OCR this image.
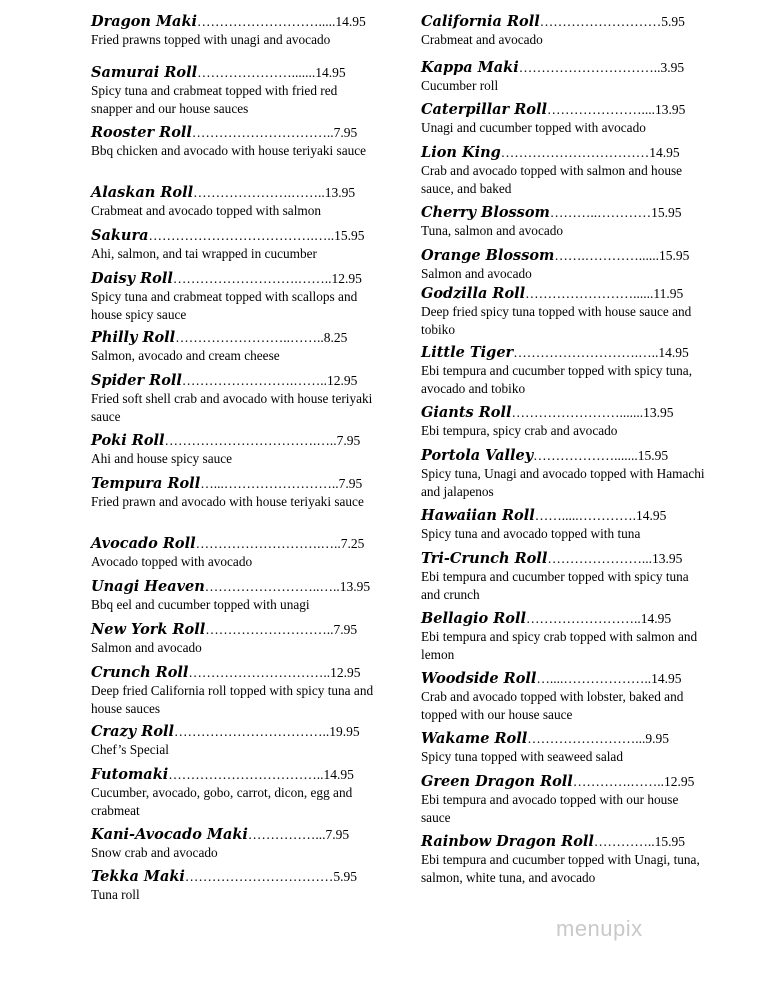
Dragon Maki……………………….....14.95
Fried prawns topped with unagi and avocado
Samurai Roll………………….......14.95
Spicy tuna and crabmeat topped with fried red snapper and our house sauces
Rooster Roll…………………………..7.95
Bbq chicken and avocado with house teriyaki sauce
Alaskan Roll………………….……..13.95
Crabmeat and avocado topped with salmon
Sakura……………………………….…..15.95
Ahi, salmon, and tai wrapped in cucumber
Daisy Roll……………………….……..12.95
Spicy tuna and crabmeat topped with scallops and house spicy sauce
Philly Roll……………………..……..8.25
Salmon, avocado and cream cheese
Spider Roll…………………….……..12.95
Fried soft shell crab and avocado with house teriyaki sauce
Poki Roll…………………………….…..7.95
Ahi and house spicy sauce
Tempura Roll…...……………………..7.95
Fried prawn and avocado with house teriyaki sauce
Avocado Roll……………………….…..7.25
Avocado topped with avocado
Unagi Heaven……………………..…..13.95
Bbq eel and cucumber topped with unagi
New York Roll………………………..7.95
Salmon and avocado
Crunch Roll…………………………..12.95
Deep fried California roll topped with spicy tuna and house sauces
Crazy Roll……………………………..19.95
Chef’s Special
Futomaki……………………………..14.95
Cucumber, avocado, gobo, carrot, dicon, egg and crabmeat
Kani-Avocado Maki……………...7.95
Snow crab and avocado
Tekka Maki……………………………5.95
Tuna roll
California Roll………………………5.95
Crabmeat and avocado
Kappa Maki…………………………..3.95
Cucumber roll
Caterpillar Roll…………………....13.95
Unagi and cucumber topped with avocado
Lion King……………………………14.95
Crab and avocado topped with salmon and house sauce, and baked
Cherry Blossom………..…………15.95
Tuna, salmon and avocado
Orange Blossom…….…………......15.95
Salmon and avocado
Godzilla Roll……………………......11.95
Deep fried spicy tuna topped with house sauce and tobiko
Little Tiger……………………….…..14.95
Ebi tempura and cucumber topped with spicy tuna, avocado and tobiko
Giants Roll…………………….......13.95
Ebi tempura, spicy crab and avocado
Portola Valley……………….......15.95
Spicy tuna, Unagi and avocado topped with Hamachi and jalapenos
Hawaiian Roll…….....………….14.95
Spicy tuna and avocado topped with tuna
Tri-Crunch Roll…………………...13.95
Ebi tempura and cucumber topped with spicy tuna and crunch
Bellagio Roll……………………..14.95
Ebi tempura and spicy crab topped with salmon and lemon
Woodside Roll…....………………..14.95
Crab and avocado topped with lobster, baked and topped with our house sauce
Wakame Roll……………………...9.95
Spicy tuna topped with seaweed salad
Green Dragon Roll………….……..12.95
Ebi tempura and avocado topped with our house sauce
Rainbow Dragon Roll…………..15.95
Ebi tempura and cucumber topped with Unagi, tuna, salmon, white tuna, and avocado
menupix
